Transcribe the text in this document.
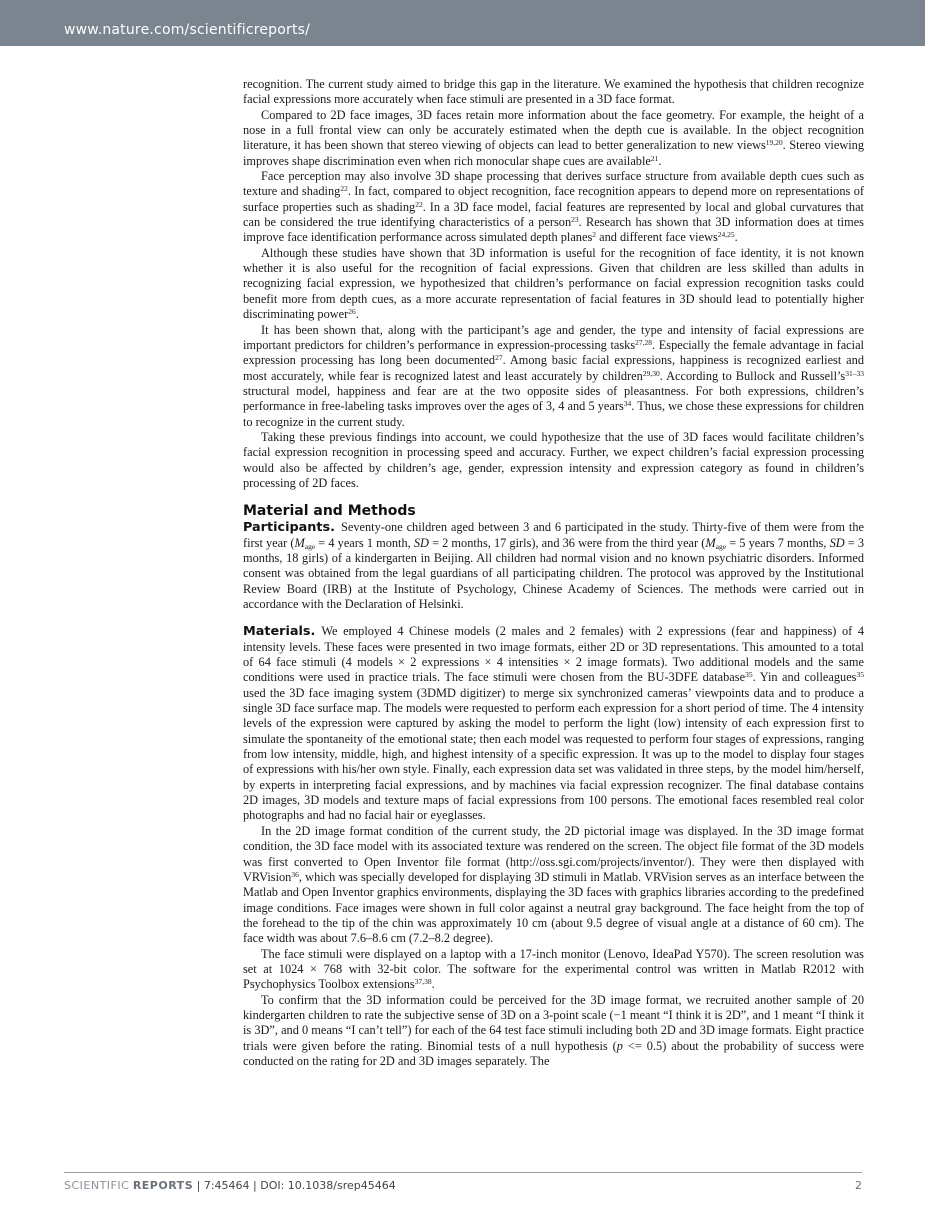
www.nature.com/scientificreports/

recognition. The current study aimed to bridge this gap in the literature. We examined the hypothesis that children recognize facial expressions more accurately when face stimuli are presented in a 3D face format.

Compared to 2D face images, 3D faces retain more information about the face geometry. For example, the height of a nose in a full frontal view can only be accurately estimated when the depth cue is available. In the object recognition literature, it has been shown that stereo viewing of objects can lead to better generalization to new views$^{19,20}$. Stereo viewing improves shape discrimination even when rich monocular shape cues are available$^{21}$.

Face perception may also involve 3D shape processing that derives surface structure from available depth cues such as texture and shading$^{22}$. In fact, compared to object recognition, face recognition appears to depend more on representations of surface properties such as shading$^{22}$. In a 3D face model, facial features are represented by local and global curvatures that can be considered the true identifying characteristics of a person$^{23}$. Research has shown that 3D information does at times improve face identification performance across simulated depth planes$^2$ and different face views$^{24,25}$.

Although these studies have shown that 3D information is useful for the recognition of face identity, it is not known whether it is also useful for the recognition of facial expressions. Given that children are less skilled than adults in recognizing facial expression, we hypothesized that children’s performance on facial expression recognition tasks could benefit more from depth cues, as a more accurate representation of facial features in 3D should lead to potentially higher discriminating power$^{26}$.

It has been shown that, along with the participant’s age and gender, the type and intensity of facial expressions are important predictors for children’s performance in expression-processing tasks$^{27,28}$. Especially the female advantage in facial expression processing has long been documented$^{27}$. Among basic facial expressions, happiness is recognized earliest and most accurately, while fear is recognized latest and least accurately by children$^{29,30}$. According to Bullock and $Russell’s^{31-33}$ structural model, happiness and fear are at the two opposite sides of pleasantness. For both expressions, children’s performance in free-labeling tasks improves over the ages of 3, 4 and 5 years$^{34}$. Thus, we chose these expressions for children to recognize in the current study.

Taking these previous findings into account, we could hypothesize that the use of 3D faces would facilitate children’s facial expression recognition in processing speed and accuracy. Further, we expect children’s facial expression processing would also be affected by children’s age, gender, expression intensity and expression category as found in children’s processing of 2D faces.

Material and Methods

Participants. Seventy-one children aged between 3 and 6 participated in the study. Thirty-five of them were from the first year ($M_{age} = 4$ years 1 month, SD = 2 months, 17 girls), and 36 were from the third year ($M_{age} = 5$ years 7 months, SD = 3 months, 18 girls) of a kindergarten in Beijing. All children had normal vision and no known psychiatric disorders. Informed consent was obtained from the legal guardians of all participating children. The protocol was approved by the Institutional Review Board (IRB) at the Institute of Psychology, Chinese Academy of Sciences. The methods were carried out in accordance with the Declaration of Helsinki.

Materials. We employed 4 Chinese models (2 males and 2 females) with 2 expressions (fear and happiness) of 4 intensity levels. These faces were presented in two image formats, either 2D or 3D representations. This amounted to a total of 64 face stimuli (4 models × 2 expressions × 4 intensities × 2 image formats). Two additional models and the same conditions were used in practice trials. The face stimuli were chosen from the BU-3DFE database$^{35}$. Yin and colleagues$^{35}$ used the 3D face imaging system (3DMD digitizer) to merge six synchronized cameras’ viewpoints data and to produce a single 3D face surface map. The models were requested to perform each expression for a short period of time. The 4 intensity levels of the expression were captured by asking the model to perform the light (low) intensity of each expression first to simulate the spontaneity of the emotional state; then each model was requested to perform four stages of expressions, ranging from low intensity, middle, high, and highest intensity of a specific expression. It was up to the model to display four stages of expressions with his/her own style. Finally, each expression data set was validated in three steps, by the model him/herself, by experts in interpreting facial expressions, and by machines via facial expression recognizer. The final database contains 2D images, 3D models and texture maps of facial expressions from 100 persons. The emotional faces resembled real color photographs and had no facial hair or eyeglasses.

In the 2D image format condition of the current study, the 2D pictorial image was displayed. In the 3D image format condition, the 3D face model with its associated texture was rendered on the screen. The object file format of the 3D models was first converted to Open Inventor file format (http://oss.sgi.com/projects/inventor/). They were then displayed with VRVision$^{36}$, which was specially developed for displaying 3D stimuli in Matlab. VRVision serves as an interface between the Matlab and Open Inventor graphics environments, displaying the 3D faces with graphics libraries according to the predefined image conditions. Face images were shown in full color against a neutral gray background. The face height from the top of the forehead to the tip of the chin was approximately 10 cm (about 9.5 degree of visual angle at a distance of 60 cm). The face width was about 7.6–8.6 cm (7.2–8.2 degree).

The face stimuli were displayed on a laptop with a 17-inch monitor (Lenovo, IdeaPad Y570). The screen resolution was set at 1024 × 768 with 32-bit color. The software for the experimental control was written in Matlab R2012 with Psychophysics Toolbox extensions$^{37,38}$.

To confirm that the 3D information could be perceived for the 3D image format, we recruited another sample of 20 kindergarten children to rate the subjective sense of 3D on a 3-point scale (−1 meant “I think it is 2D”, and 1 meant “I think it is 3D”, and 0 means “I can’t tell”) for each of the 64 test face stimuli including both 2D and 3D image formats. Eight practice trials were given before the rating. Binomial tests of a null hypothesis (p <= 0.5) about the probability of success were conducted on the rating for 2D and 3D images separately. The

SCIENTIFIC REPORTS | 7:45464 | DOI: 10.1038/srep45464	2
